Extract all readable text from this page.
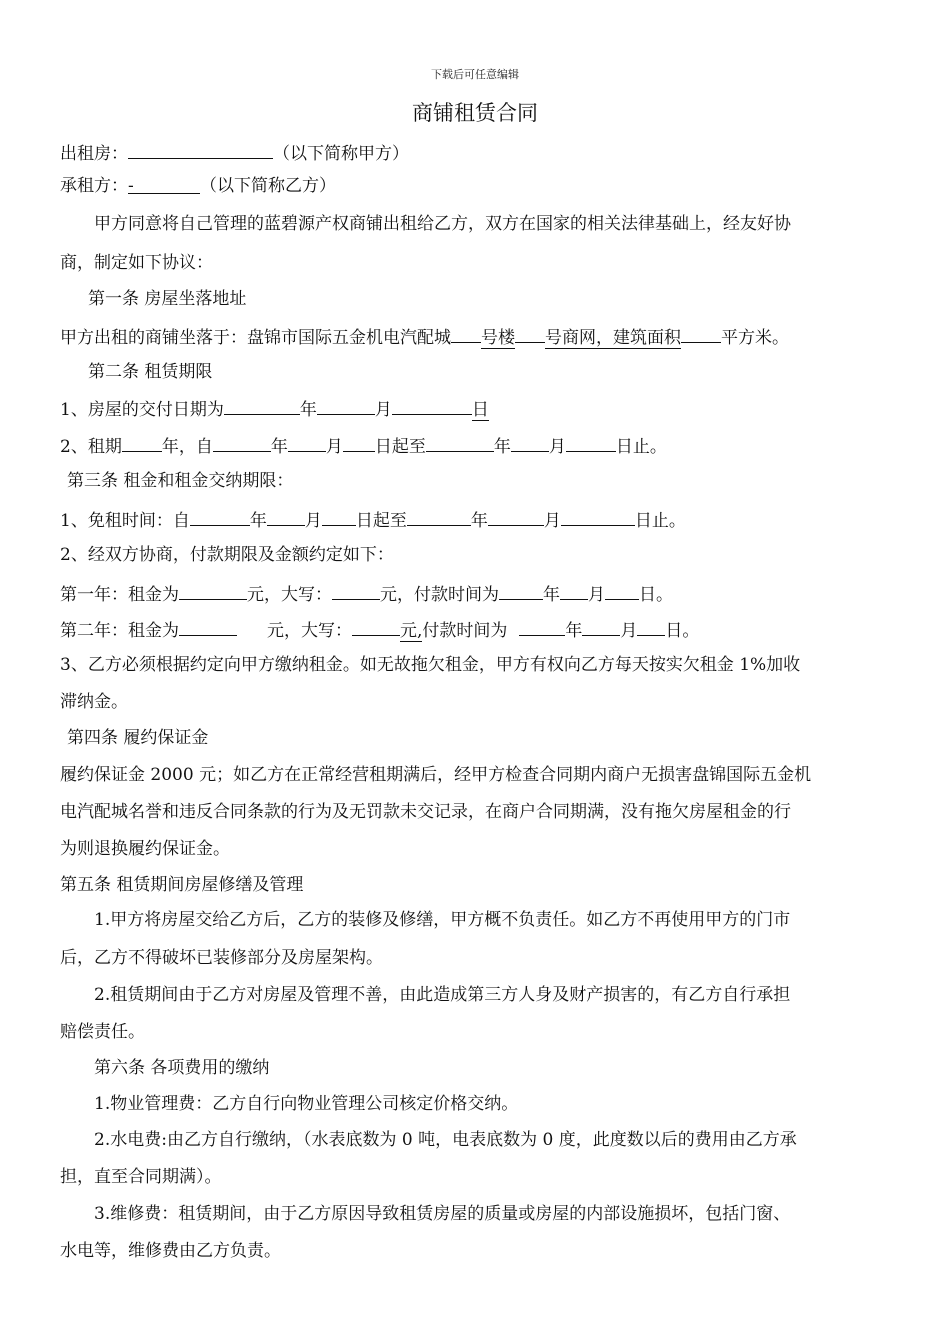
下载后可任意编辑
商铺租赁合同
出租房：	（以下简称甲方）
承租方：-	（以下简称乙方）
甲方同意将自己管理的蓝碧源产权商铺出租给乙方，双方在国家的相关法律基础上，经友好协
商，制定如下协议：
第一条 房屋坐落地址
甲方出租的商铺坐落于：盘锦市国际五金机电汽配城 号楼 号商网，建筑面积 平方米。
第二条 租赁期限
1、房屋的交付日期为	年	月	日
2、租期 年，自	年 月 日起至	年 月	日止。
第三条 租金和租金交纳期限：
1、免租时间：自	年 月 日起至	年	月	日止。
2、经双方协商，付款期限及金额约定如下：
第一年：租金为	元，大写：	元，付款时间为	年 月 日。
第二年：租金为	元，大写：	元,付款时间为	年 月 日。
3、乙方必须根据约定向甲方缴纳租金。如无故拖欠租金，甲方有权向乙方每天按实欠租金 1%加收
滞纳金。
第四条 履约保证金
履约保证金 2000 元；如乙方在正常经营租期满后，经甲方检查合同期内商户无损害盘锦国际五金机
电汽配城名誉和违反合同条款的行为及无罚款未交记录，在商户合同期满，没有拖欠房屋租金的行
为则退换履约保证金。
第五条 租赁期间房屋修缮及管理
1.甲方将房屋交给乙方后，乙方的装修及修缮，甲方概不负责任。如乙方不再使用甲方的门市
后，乙方不得破坏已装修部分及房屋架构。
2.租赁期间由于乙方对房屋及管理不善，由此造成第三方人身及财产损害的，有乙方自行承担
赔偿责任。
第六条 各项费用的缴纳
1.物业管理费：乙方自行向物业管理公司核定价格交纳。
2.水电费:由乙方自行缴纳，（水表底数为 0 吨，电表底数为 0 度，此度数以后的费用由乙方承
担，直至合同期满）。
3.维修费：租赁期间，由于乙方原因导致租赁房屋的质量或房屋的内部设施损坏，包括门窗、
水电等，维修费由乙方负责。
